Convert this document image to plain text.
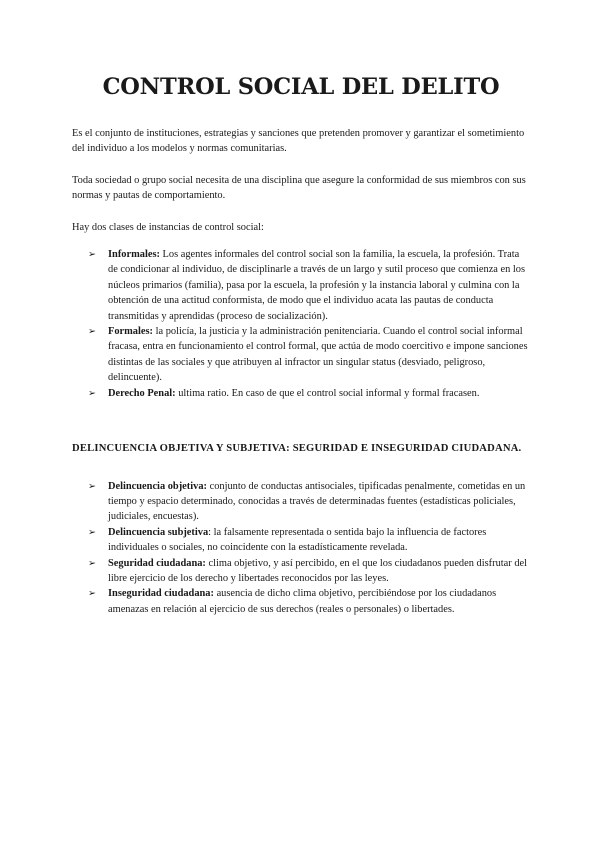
CONTROL SOCIAL DEL DELITO

Es el conjunto de instituciones, estrategias y sanciones que pretenden promover y garantizar el sometimiento del individuo a los modelos y normas comunitarias.

Toda sociedad o grupo social necesita de una disciplina que asegure la conformidad de sus miembros con sus normas y pautas de comportamiento.

Hay dos clases de instancias de control social:

➢	Informales: Los agentes informales del control social son la familia, la escuela, la profesión. Trata de condicionar al individuo, de disciplinarle a través de un largo y sutil proceso que comienza en los núcleos primarios (familia), pasa por la escuela, la profesión y la instancia laboral y culmina con la obtención de una actitud conformista, de modo que el individuo acata las pautas de conducta transmitidas y aprendidas (proceso de socialización).
➢	Formales: la policía, la justicia y la administración penitenciaria. Cuando el control social informal fracasa, entra en funcionamiento el control formal, que actúa de modo coercitivo e impone sanciones distintas de las sociales y que atribuyen al infractor un singular status (desviado, peligroso, delincuente).
➢	Derecho Penal: ultima ratio. En caso de que el control social informal y formal fracasen.
DELINCUENCIA OBJETIVA Y SUBJETIVA: SEGURIDAD E INSEGURIDAD CIUDADANA.
➢	Delincuencia objetiva: conjunto de conductas antisociales, tipificadas penalmente, cometidas en un tiempo y espacio determinado, conocidas a través de determinadas fuentes (estadísticas policiales, judiciales, encuestas).
➢	Delincuencia subjetiva: la falsamente representada o sentida bajo la influencia de factores individuales o sociales, no coincidente con la estadísticamente revelada.
➢	Seguridad ciudadana: clima objetivo, y así percibido, en el que los ciudadanos pueden disfrutar del libre ejercicio de los derecho y libertades reconocidos por las leyes.
➢	Inseguridad ciudadana: ausencia de dicho clima objetivo, percibiéndose por los ciudadanos amenazas en relación al ejercicio de sus derechos (reales o personales) o libertades.
